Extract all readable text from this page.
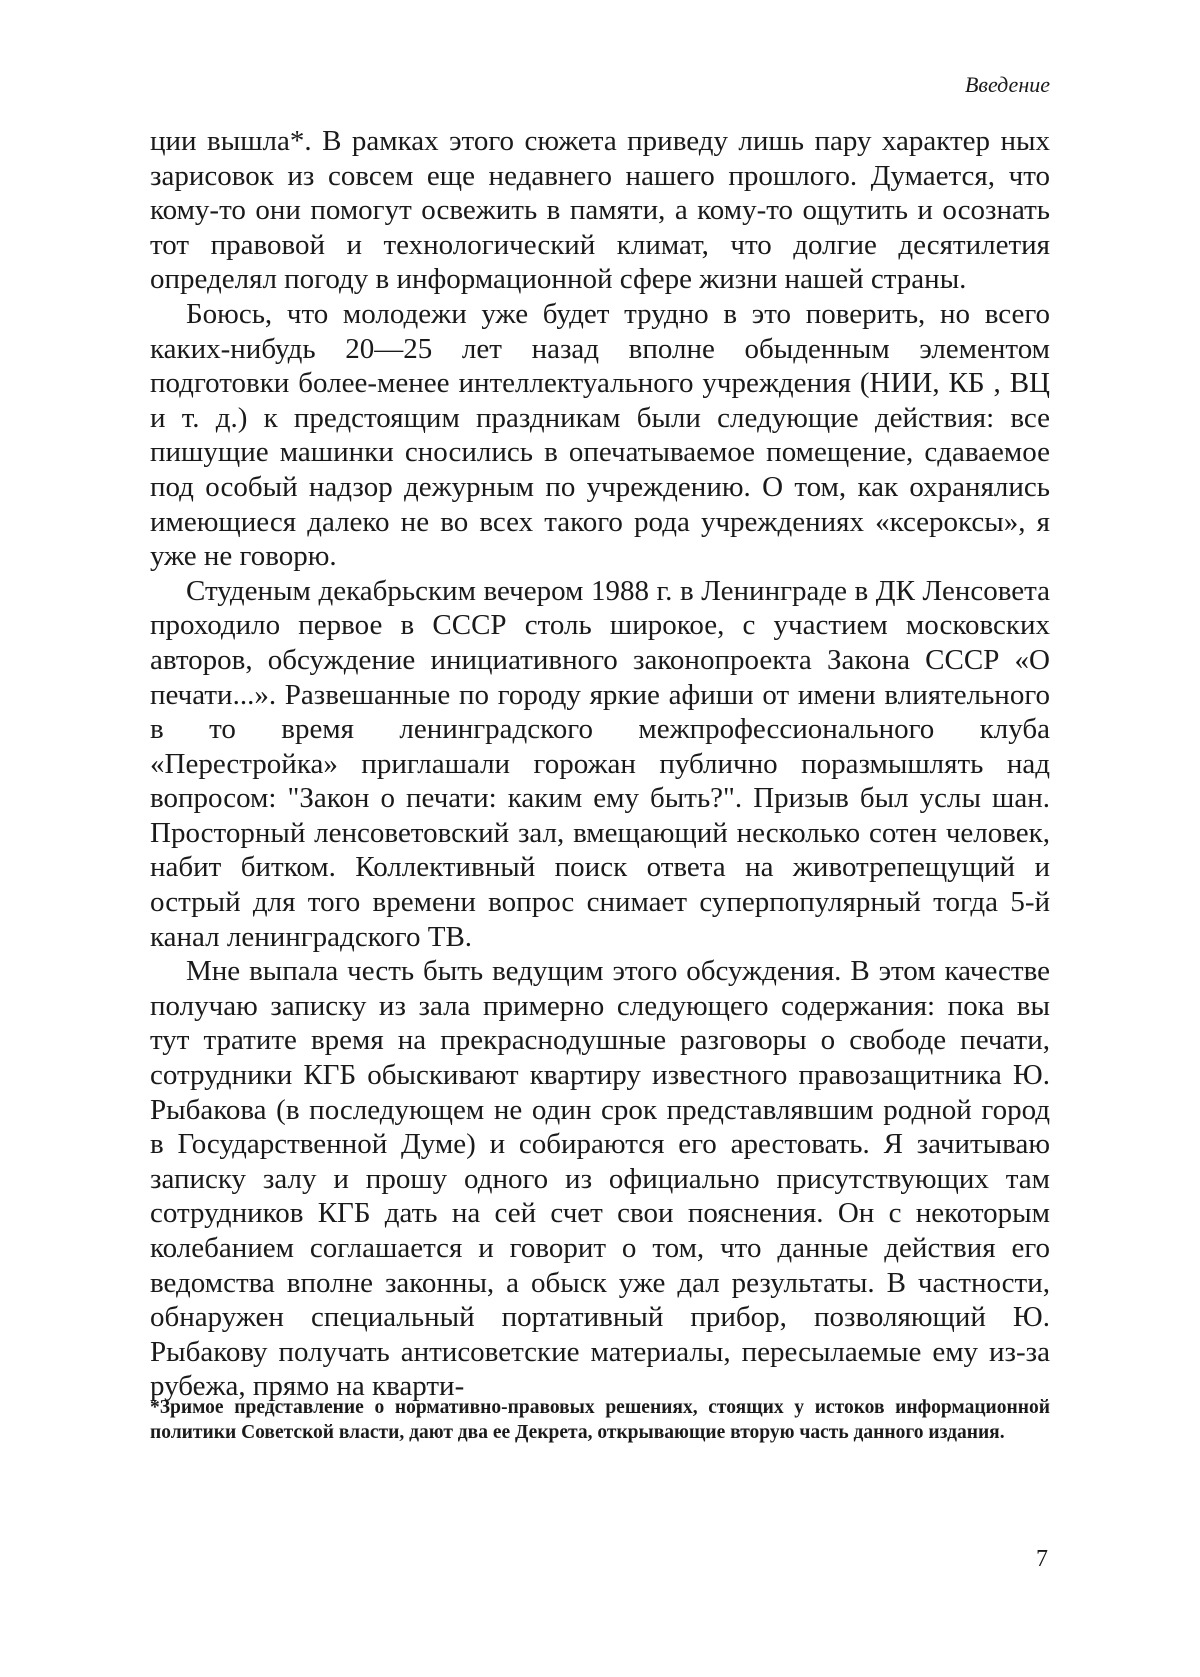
Введение

ции вышла*. В рамках этого сюжета приведу лишь пару характер ных зарисовок из совсем еще недавнего нашего прошлого. Думается, что кому-то они помогут освежить в памяти, а кому-то ощутить и осознать тот правовой и технологический климат, что долгие десятилетия определял погоду в информационной сфере жизни нашей страны.

Боюсь, что молодежи уже будет трудно в это поверить, но всего каких-нибудь 20—25 лет назад вполне обыденным элементом подготовки более-менее интеллектуального учреждения (НИИ, КБ , ВЦ и т. д.) к предстоящим праздникам были следующие действия: все пишущие машинки сносились в опечатываемое помещение, сдаваемое под особый надзор дежурным по учреждению. О том, как охранялись имеющиеся далеко не во всех такого рода учреждениях «ксероксы», я уже не говорю.

Студеным декабрьским вечером 1988 г. в Ленинграде в ДК Ленсовета проходило первое в СССР столь широкое, с участием московских авторов, обсуждение инициативного законопроекта Закона СССР «О печати...». Развешанные по городу яркие афиши от имени влиятельного в то время ленинградского межпрофессионального клуба «Перестройка» приглашали горожан публично поразмышлять над вопросом: "Закон о печати: каким ему быть?". Призыв был услы шан. Просторный ленсоветовский зал, вмещающий несколько сотен человек, набит битком. Коллективный поиск ответа на животрепещущий и острый для того времени вопрос снимает суперпопулярный тогда 5-й канал ленинградского ТВ.

Мне выпала честь быть ведущим этого обсуждения. В этом качестве получаю записку из зала примерно следующего содержания: пока вы тут тратите время на прекраснодушные разговоры о свободе печати, сотрудники КГБ обыскивают квартиру известного правозащитника Ю. Рыбакова (в последующем не один срок представлявшим родной город в Государственной Думе) и собираются его арестовать. Я зачитываю записку залу и прошу одного из официально присутствующих там сотрудников КГБ дать на сей счет свои пояснения. Он с некоторым колебанием соглашается и говорит о том, что данные действия его ведомства вполне законны, а обыск уже дал результаты. В частности, обнаружен специальный портативный прибор, позволяющий Ю. Рыбакову получать антисоветские материалы, пересылаемые ему из-за рубежа, прямо на кварти-

*Зримое представление о нормативно-правовых решениях, стоящих у истоков информационной политики Советской власти, дают два ее Декрета, открывающие вторую часть данного издания.

7
